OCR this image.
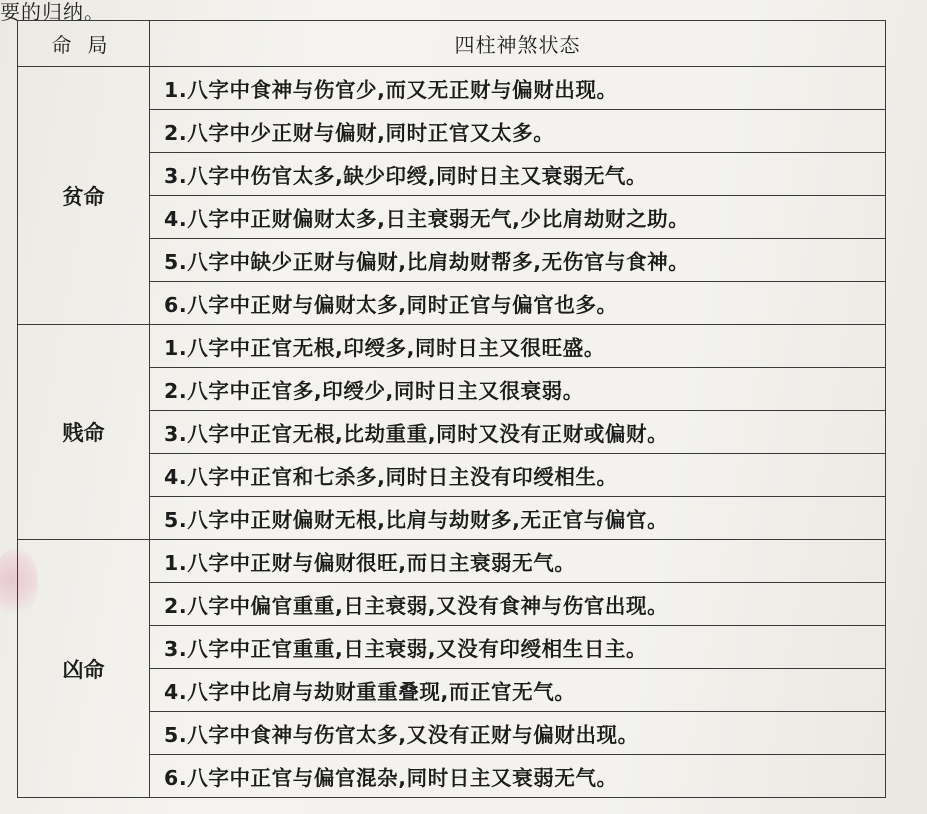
要的归纳。
命局	四柱神煞状态
贫命	1.八字中食神与伤官少,而又无正财与偏财出现。
	2.八字中少正财与偏财,同时正官又太多。
	3.八字中伤官太多,缺少印绶,同时日主又衰弱无气。
	4.八字中正财偏财太多,日主衰弱无气,少比肩劫财之助。
	5.八字中缺少正财与偏财,比肩劫财帮多,无伤官与食神。
	6.八字中正财与偏财太多,同时正官与偏官也多。
贱命	1.八字中正官无根,印绶多,同时日主又很旺盛。
	2.八字中正官多,印绶少,同时日主又很衰弱。
	3.八字中正官无根,比劫重重,同时又没有正财或偏财。
	4.八字中正官和七杀多,同时日主没有印绶相生。
	5.八字中正财偏财无根,比肩与劫财多,无正官与偏官。
凶命	1.八字中正财与偏财很旺,而日主衰弱无气。
	2.八字中偏官重重,日主衰弱,又没有食神与伤官出现。
	3.八字中正官重重,日主衰弱,又没有印绶相生日主。
	4.八字中比肩与劫财重重叠现,而正官无气。
	5.八字中食神与伤官太多,又没有正财与偏财出现。
	6.八字中正官与偏官混杂,同时日主又衰弱无气。
